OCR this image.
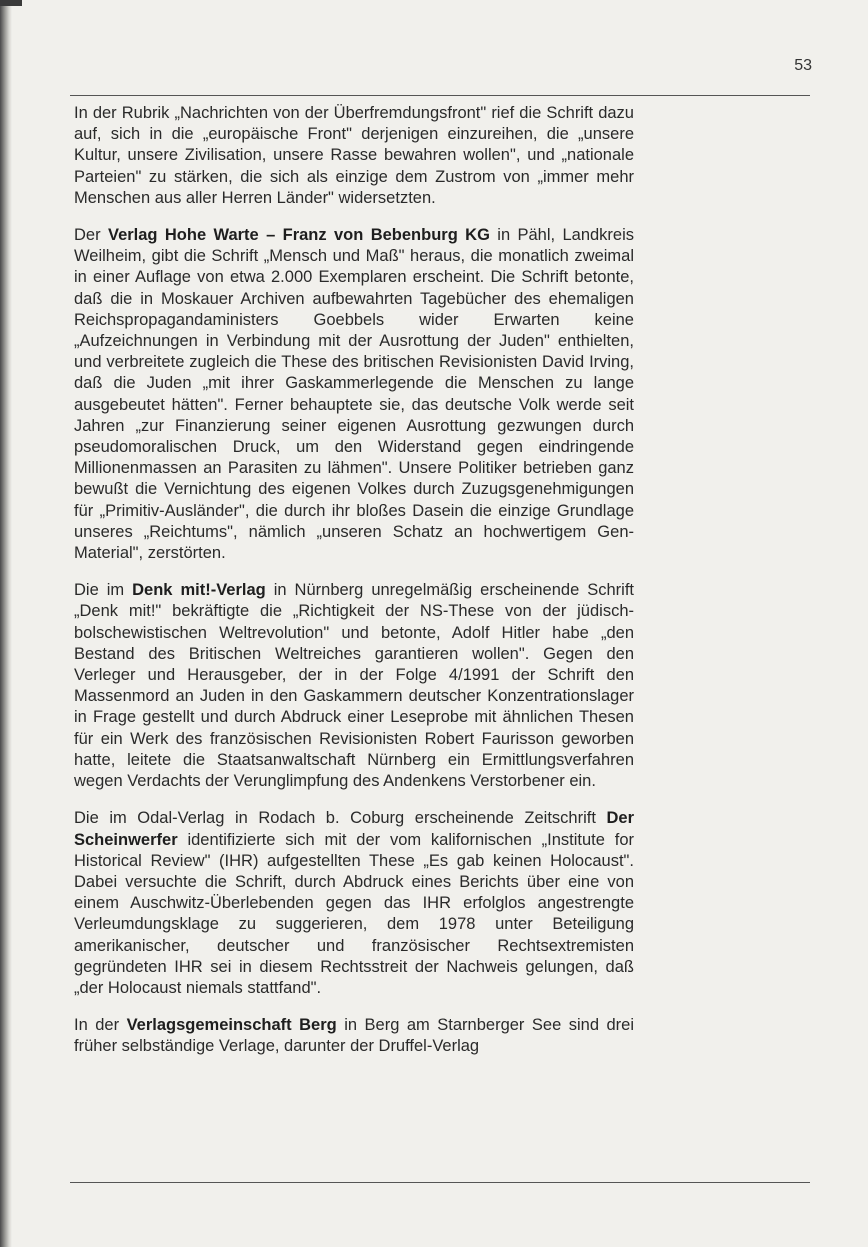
53

In der Rubrik „Nachrichten von der Überfremdungsfront" rief die Schrift dazu auf, sich in die „europäische Front" derjenigen einzureihen, die „unsere Kultur, unsere Zivilisation, unsere Rasse bewahren wollen", und „nationale Parteien" zu stärken, die sich als einzige dem Zustrom von „immer mehr Menschen aus aller Herren Länder" widersetzten.

Der Verlag Hohe Warte – Franz von Bebenburg KG in Pähl, Landkreis Weilheim, gibt die Schrift „Mensch und Maß" heraus, die monatlich zweimal in einer Auflage von etwa 2.000 Exemplaren erscheint. Die Schrift betonte, daß die in Moskauer Archiven aufbewahrten Tagebücher des ehemaligen Reichspropagandaministers Goebbels wider Erwarten keine „Aufzeichnungen in Verbindung mit der Ausrottung der Juden" enthielten, und verbreitete zugleich die These des britischen Revisionisten David Irving, daß die Juden „mit ihrer Gaskammerlegende die Menschen zu lange ausgebeutet hätten". Ferner behauptete sie, das deutsche Volk werde seit Jahren „zur Finanzierung seiner eigenen Ausrottung gezwungen durch pseudomoralischen Druck, um den Widerstand gegen eindringende Millionenmassen an Parasiten zu lähmen". Unsere Politiker betrieben ganz bewußt die Vernichtung des eigenen Volkes durch Zuzugsgenehmigungen für „Primitiv-Ausländer", die durch ihr bloßes Dasein die einzige Grundlage unseres „Reichtums", nämlich „unseren Schatz an hochwertigem Gen-Material", zerstörten.

Die im Denk mit!-Verlag in Nürnberg unregelmäßig erscheinende Schrift „Denk mit!" bekräftigte die „Richtigkeit der NS-These von der jüdisch-bolschewistischen Weltrevolution" und betonte, Adolf Hitler habe „den Bestand des Britischen Weltreiches garantieren wollen". Gegen den Verleger und Herausgeber, der in der Folge 4/1991 der Schrift den Massenmord an Juden in den Gaskammern deutscher Konzentrationslager in Frage gestellt und durch Abdruck einer Leseprobe mit ähnlichen Thesen für ein Werk des französischen Revisionisten Robert Faurisson geworben hatte, leitete die Staatsanwaltschaft Nürnberg ein Ermittlungsverfahren wegen Verdachts der Verunglimpfung des Andenkens Verstorbener ein.

Die im Odal-Verlag in Rodach b. Coburg erscheinende Zeitschrift Der Scheinwerfer identifizierte sich mit der vom kalifornischen „Institute for Historical Review" (IHR) aufgestellten These „Es gab keinen Holocaust". Dabei versuchte die Schrift, durch Abdruck eines Berichts über eine von einem Auschwitz-Überlebenden gegen das IHR erfolglos angestrengte Verleumdungsklage zu suggerieren, dem 1978 unter Beteiligung amerikanischer, deutscher und französischer Rechtsextremisten gegründeten IHR sei in diesem Rechtsstreit der Nachweis gelungen, daß „der Holocaust niemals stattfand".

In der Verlagsgemeinschaft Berg in Berg am Starnberger See sind drei früher selbständige Verlage, darunter der Druffel-Verlag
